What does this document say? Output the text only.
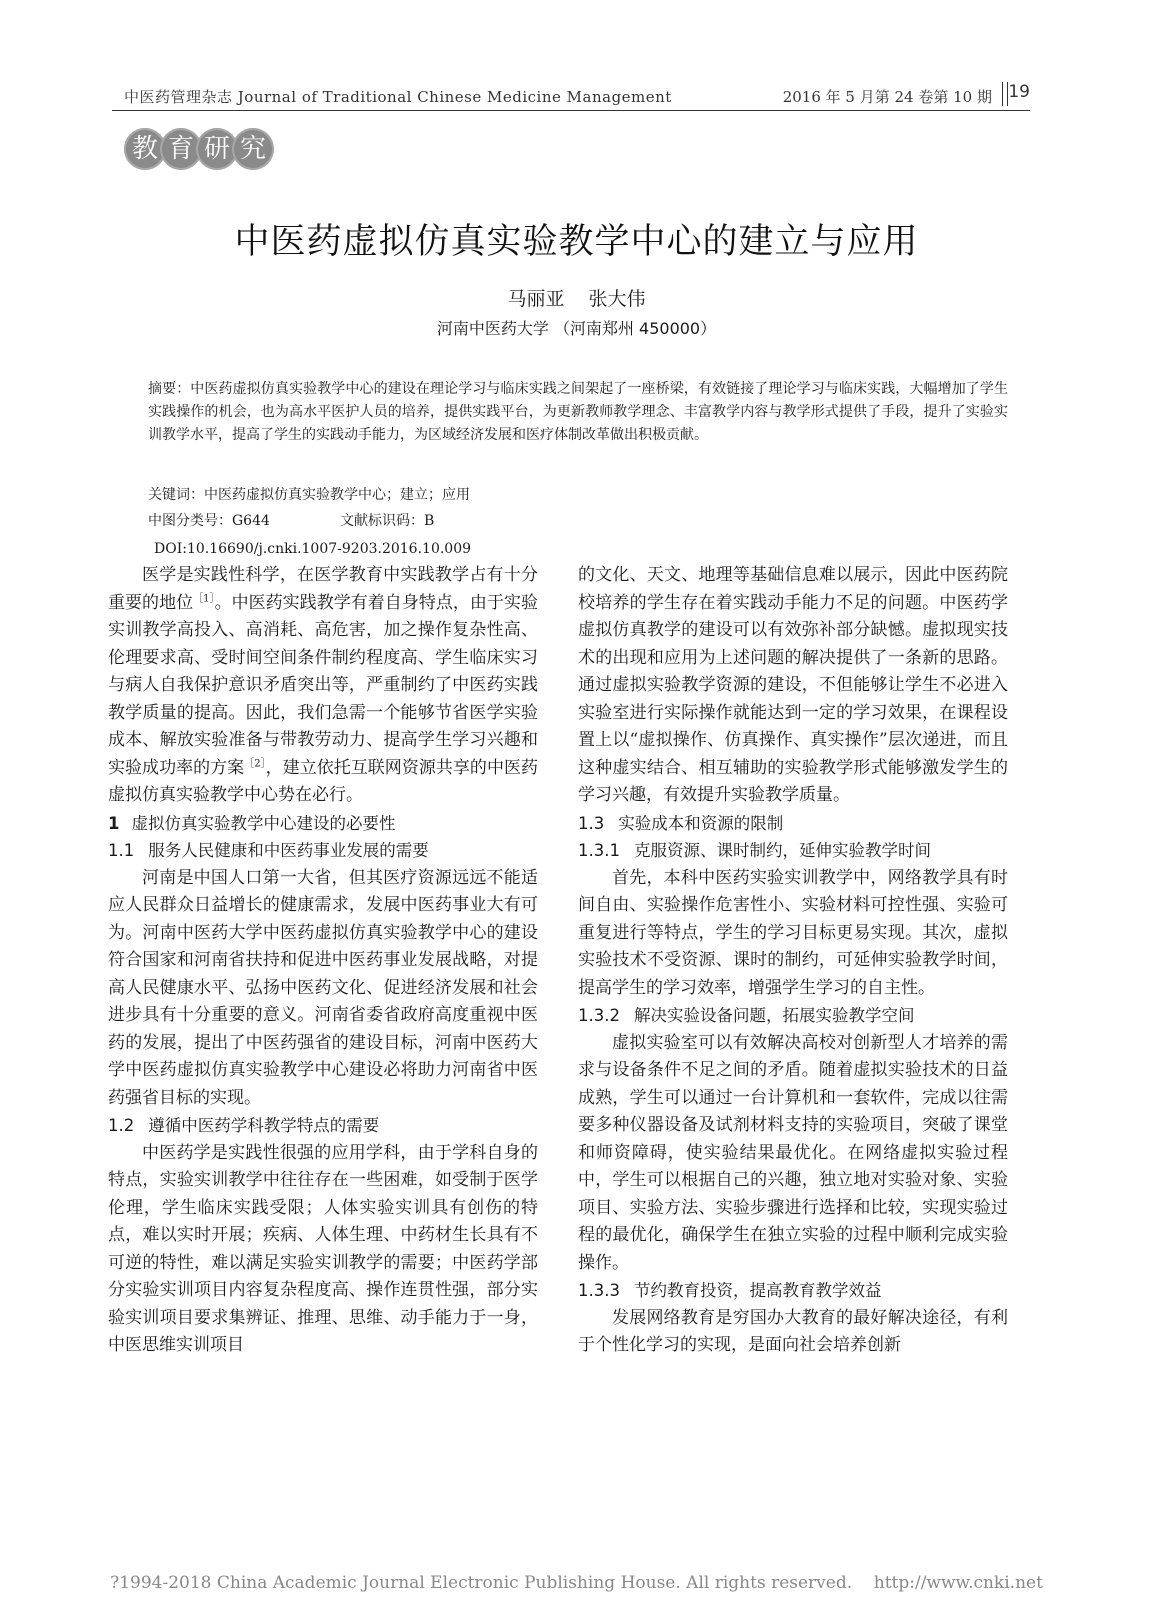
中医药管理杂志 Journal of Traditional Chinese Medicine Management	2016 年 5 月第 24 卷第 10 期 19
教 育 研 究
中医药虚拟仿真实验教学中心的建立与应用
马丽亚 张大伟
河南中医药大学 （河南郑州 450000）
摘要：中医药虚拟仿真实验教学中心的建设在理论学习与临床实践之间架起了一座桥梁，有效链接了理论学习与临床实践，大幅增加了学生实践操作的机会，也为高水平医护人员的培养，提供实践平台，为更新教师教学理念、丰富教学内容与教学形式提供了手段，提升了实验实训教学水平，提高了学生的实践动手能力，为区域经济发展和医疗体制改革做出积极贡献。
关键词：中医药虚拟仿真实验教学中心；建立；应用
中图分类号：G644	文献标识码：B
DOI:10.16690/j.cnki.1007-9203.2016.10.009

医学是实践性科学，在医学教育中实践教学占有十分重要的地位$^{[1]}$。中医药实践教学有着自身特点，由于实验实训教学高投入、高消耗、高危害，加之操作复杂性高、伦理要求高、受时间空间条件制约程度高、学生临床实习与病人自我保护意识矛盾突出等，严重制约了中医药实践教学质量的提高。因此，我们急需一个能够节省医学实验成本、解放实验准备与带教劳动力、提高学生学习兴趣和实验成功率的方案$^{[2]}$，建立依托互联网资源共享的中医药虚拟仿真实验教学中心势在必行。

1 虚拟仿真实验教学中心建设的必要性
1.1 服务人民健康和中医药事业发展的需要

河南是中国人口第一大省，但其医疗资源远远不能适应人民群众日益增长的健康需求，发展中医药事业大有可为。河南中医药大学中医药虚拟仿真实验教学中心的建设符合国家和河南省扶持和促进中医药事业发展战略，对提高人民健康水平、弘扬中医药文化、促进经济发展和社会进步具有十分重要的意义。河南省委省政府高度重视中医药的发展，提出了中医药强省的建设目标，河南中医药大学中医药虚拟仿真实验教学中心建设必将助力河南省中医药强省目标的实现。

1.2 遵循中医药学科教学特点的需要

中医药学是实践性很强的应用学科，由于学科自身的特点，实验实训教学中往往存在一些困难，如受制于医学伦理，学生临床实践受限；人体实验实训具有创伤的特点，难以实时开展；疾病、人体生理、中药材生长具有不可逆的特性，难以满足实验实训教学的需要；中医药学部分实验实训项目内容复杂程度高、操作连贯性强，部分实验实训项目要求集辨证、推理、思维、动手能力于一身，中医思维实训项目

的文化、天文、地理等基础信息难以展示，因此中医药院校培养的学生存在着实践动手能力不足的问题。中医药学虚拟仿真教学的建设可以有效弥补部分缺憾。虚拟现实技术的出现和应用为上述问题的解决提供了一条新的思路。通过虚拟实验教学资源的建设，不但能够让学生不必进入实验室进行实际操作就能达到一定的学习效果，在课程设置上以“虚拟操作、仿真操作、真实操作”层次递进，而且这种虚实结合、相互辅助的实验教学形式能够激发学生的学习兴趣，有效提升实验教学质量。

1.3 实验成本和资源的限制
1.3.1 克服资源、课时制约，延伸实验教学时间

首先，本科中医药实验实训教学中，网络教学具有时间自由、实验操作危害性小、实验材料可控性强、实验可重复进行等特点，学生的学习目标更易实现。其次，虚拟实验技术不受资源、课时的制约，可延伸实验教学时间，提高学生的学习效率，增强学生学习的自主性。

1.3.2 解决实验设备问题，拓展实验教学空间

虚拟实验室可以有效解决高校对创新型人才培养的需求与设备条件不足之间的矛盾。随着虚拟实验技术的日益成熟，学生可以通过一台计算机和一套软件，完成以往需要多种仪器设备及试剂材料支持的实验项目，突破了课堂和师资障碍，使实验结果最优化。在网络虚拟实验过程中，学生可以根据自己的兴趣，独立地对实验对象、实验项目、实验方法、实验步骤进行选择和比较，实现实验过程的最优化，确保学生在独立实验的过程中顺利完成实验操作。

1.3.3 节约教育投资，提高教育教学效益

发展网络教育是穷国办大教育的最好解决途径，有利于个性化学习的实现，是面向社会培养创新

?1994-2018 China Academic Journal Electronic Publishing House. All rights reserved.    http://www.cnki.net
